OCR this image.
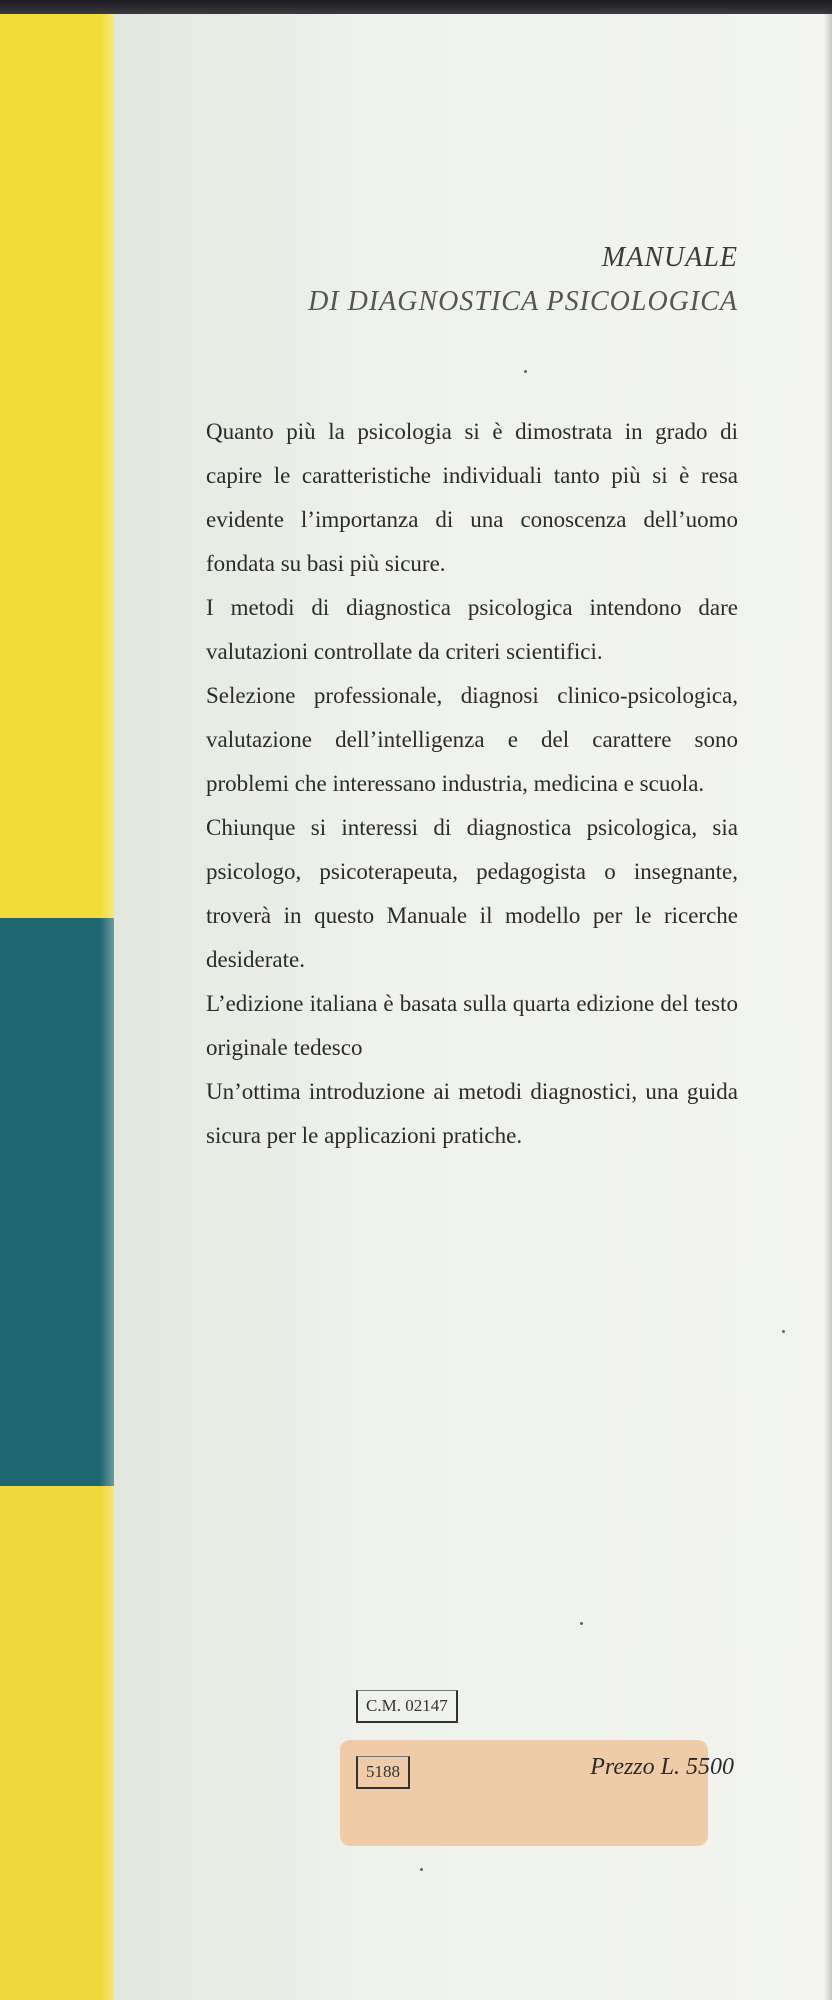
MANUALE
DI DIAGNOSTICA PSICOLOGICA

Quanto più la psicologia si è dimostrata in grado di capire le caratteristiche individuali tanto più si è resa evidente l’importanza di una conoscenza dell’uomo fondata su basi più sicure.

I metodi di diagnostica psicologica intendono dare valutazioni controllate da criteri scientifici.

Selezione professionale, diagnosi clinico-psicologica, valutazione dell’intelligenza e del carattere sono problemi che interessano industria, medicina e scuola.

Chiunque si interessi di diagnostica psicologica, sia psicologo, psicoterapeuta, pedagogista o insegnante, troverà in questo Manuale il modello per le ricerche desiderate.

L’edizione italiana è basata sulla quarta edizione del testo originale tedesco

Un’ottima introduzione ai metodi diagnostici, una guida sicura per le applicazioni pratiche.

C.M. 02147
5188	Prezzo L. 5500
